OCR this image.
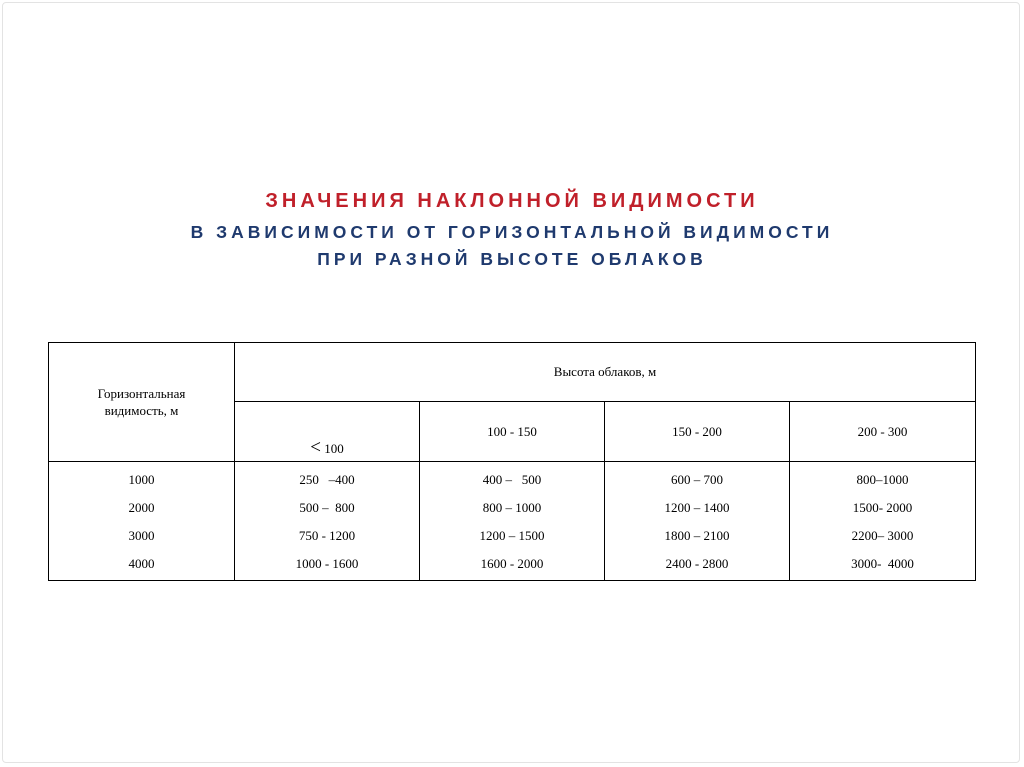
ЗНАЧЕНИЯ НАКЛОННОЙ ВИДИМОСТИ
В ЗАВИСИМОСТИ ОТ ГОРИЗОНТАЛЬНОЙ ВИДИМОСТИ
ПРИ РАЗНОЙ ВЫСОТЕ ОБЛАКОВ
Горизонтальная
видимость, м	Высота облаков, м			
	< 100	100 - 150	150 - 200	200 - 300
1000	250   –400	400 –   500	600 – 700	800–1000
2000	500 –  800	800 – 1000	1200 – 1400	1500- 2000
3000	750 - 1200	1200 – 1500	1800 – 2100	2200– 3000
4000	1000 - 1600	1600 - 2000	2400 - 2800	3000-  4000
